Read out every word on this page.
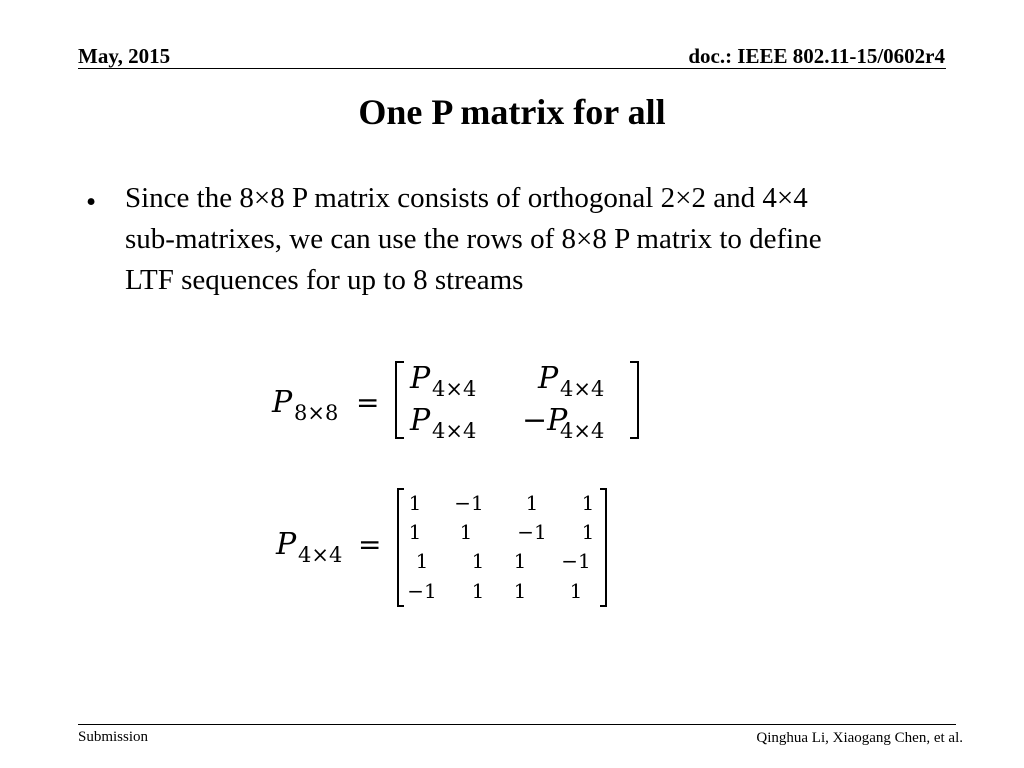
May, 2015	doc.: IEEE 802.11-15/0602r4
One P matrix for all
• Since the 8×8 P matrix consists of orthogonal 2×2 and 4×4
sub-matrixes, we can use the rows of 8×8 P matrix to define
LTF sequences for up to 8 streams
P 8×8 =
P 4×4 P 4×4
P 4×4 −P
4×4
P 4×4 =
1 −1 1 1
1 1 −1 1
1 1 1 −1
−1 1 1 1
Submission	Qinghua Li, Xiaogang Chen, et al.
